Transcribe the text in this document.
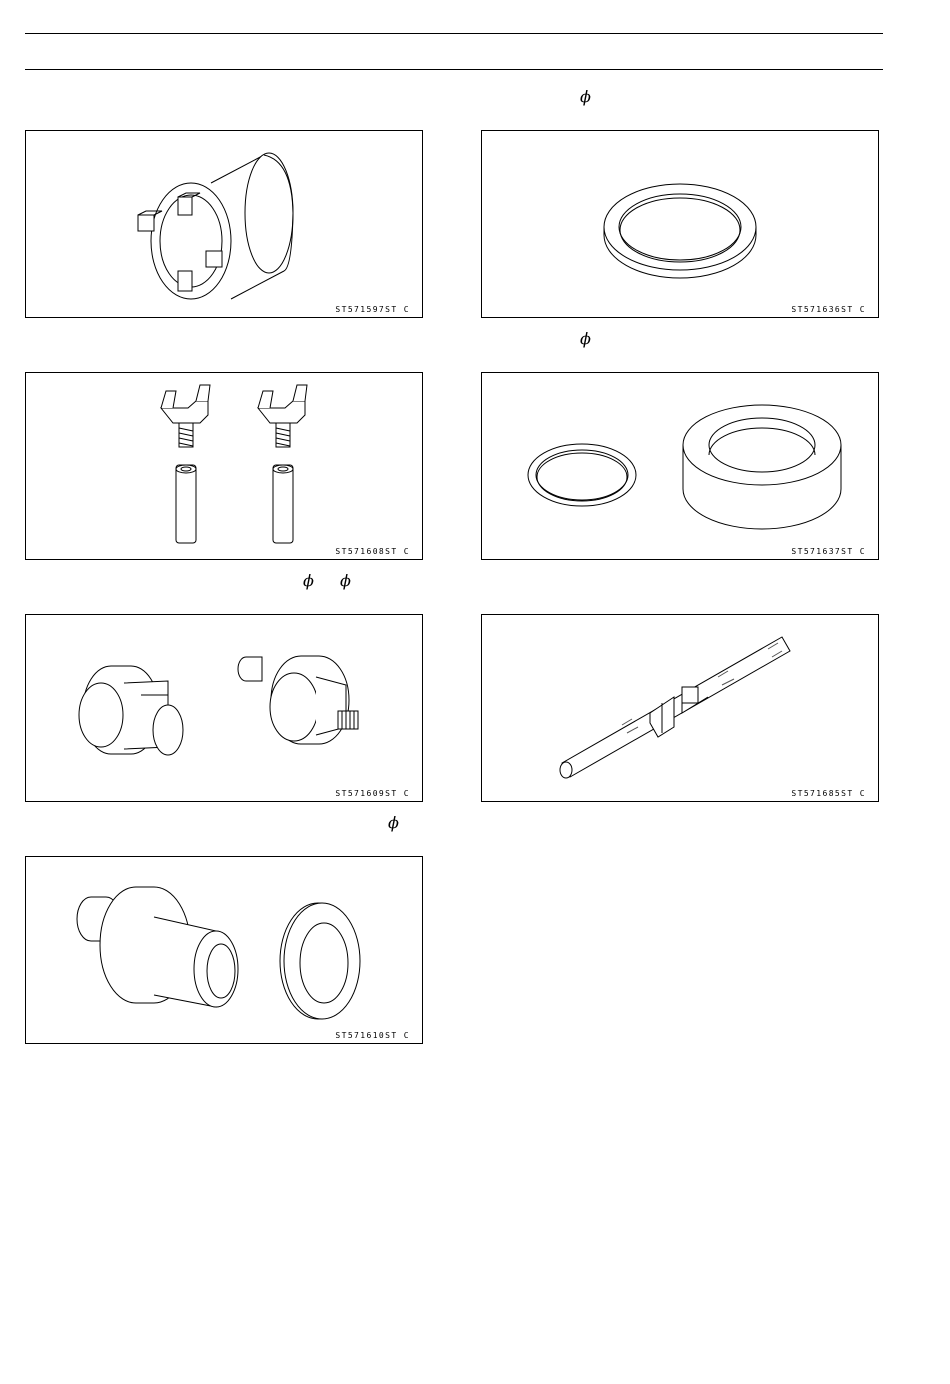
ϕ
ϕ
ϕ ϕ
ϕ
ST571597ST C	ST571636ST C
ST571608ST C	ST571637ST C
ST571609ST C	ST571685ST C
ST571610ST C
